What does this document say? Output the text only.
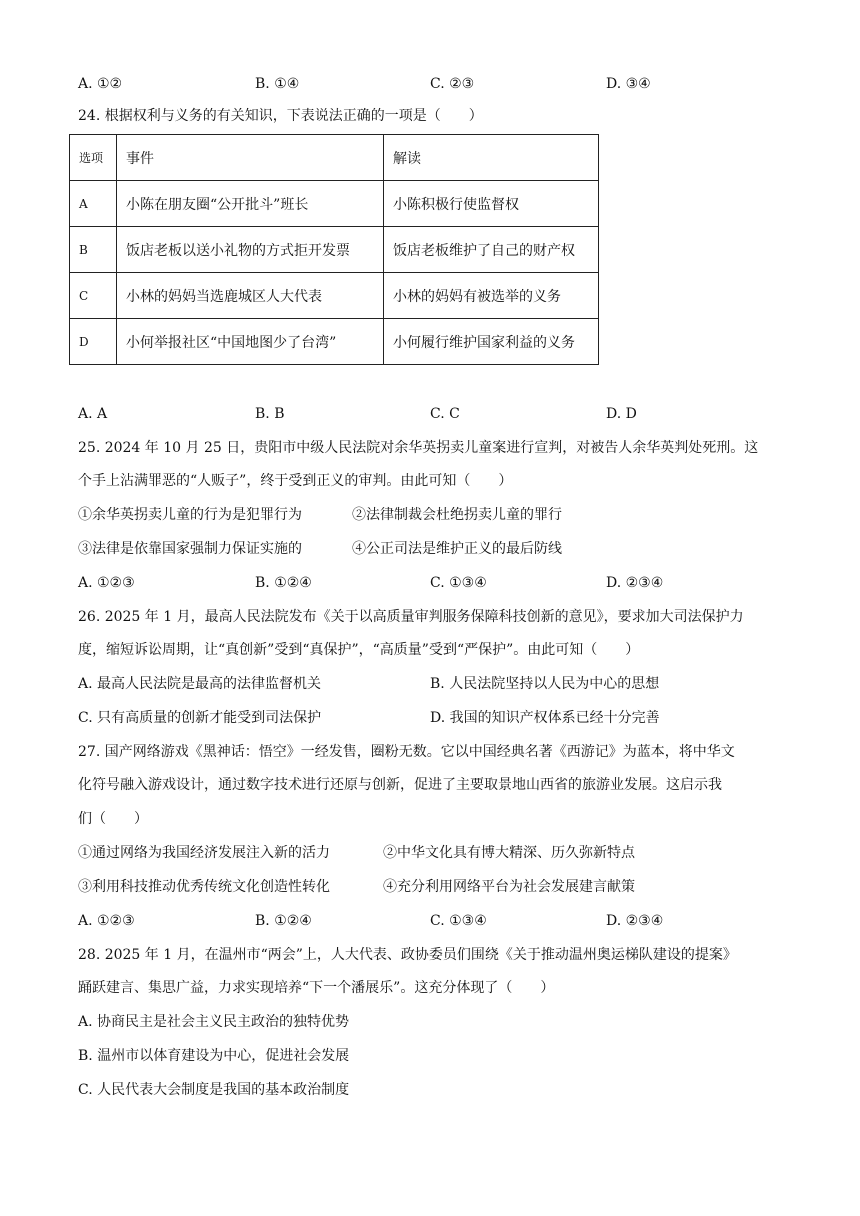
A. ①②	B. ①④	C. ②③	D. ③④
24. 根据权利与义务的有关知识，下表说法正确的一项是（　　）
选项	事件	解读
A	小陈在朋友圈“公开批斗”班长	小陈积极行使监督权
B	饭店老板以送小礼物的方式拒开发票	饭店老板维护了自己的财产权
C	小林的妈妈当选鹿城区人大代表	小林的妈妈有被选举的义务
D	小何举报社区“中国地图少了台湾”	小何履行维护国家利益的义务
A. A	B. B	C. C	D. D
25. 2024 年 10 月 25 日，贵阳市中级人民法院对余华英拐卖儿童案进行宣判，对被告人余华英判处死刑。这
个手上沾满罪恶的“人贩子”，终于受到正义的审判。由此可知（　　）
①余华英拐卖儿童的行为是犯罪行为	②法律制裁会杜绝拐卖儿童的罪行
③法律是依靠国家强制力保证实施的	④公正司法是维护正义的最后防线
A. ①②③	B. ①②④	C. ①③④	D. ②③④
26. 2025 年 1 月，最高人民法院发布《关于以高质量审判服务保障科技创新的意见》，要求加大司法保护力
度，缩短诉讼周期，让“真创新”受到“真保护”，“高质量”受到“严保护”。由此可知（　　）
A. 最高人民法院是最高的法律监督机关	B. 人民法院坚持以人民为中心的思想
C. 只有高质量的创新才能受到司法保护	D. 我国的知识产权体系已经十分完善
27. 国产网络游戏《黑神话：悟空》一经发售，圈粉无数。它以中国经典名著《西游记》为蓝本，将中华文
化符号融入游戏设计，通过数字技术进行还原与创新，促进了主要取景地山西省的旅游业发展。这启示我
们（　　）
①通过网络为我国经济发展注入新的活力	②中华文化具有博大精深、历久弥新特点
③利用科技推动优秀传统文化创造性转化	④充分利用网络平台为社会发展建言献策
A. ①②③	B. ①②④	C. ①③④	D. ②③④
28. 2025 年 1 月，在温州市“两会”上，人大代表、政协委员们围绕《关于推动温州奥运梯队建设的提案》
踊跃建言、集思广益，力求实现培养“下一个潘展乐”。这充分体现了（　　）
A. 协商民主是社会主义民主政治的独特优势
B. 温州市以体育建设为中心，促进社会发展
C. 人民代表大会制度是我国的基本政治制度
